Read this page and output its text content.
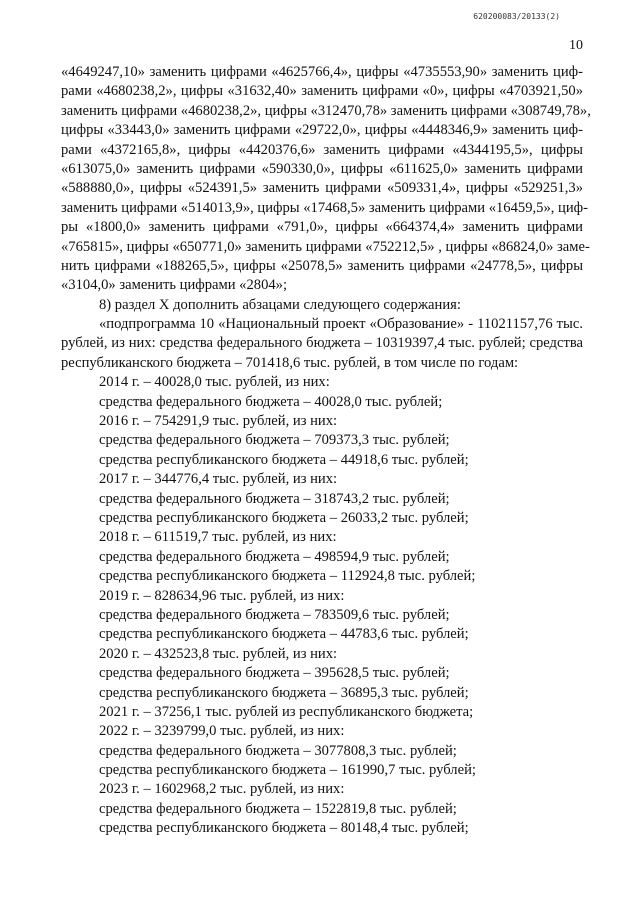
620200083/20133(2)
10
«4649247,10» заменить цифрами «4625766,4», цифры «4735553,90» заменить циф-
рами «4680238,2», цифры «31632,40» заменить цифрами «0», цифры «4703921,50»
заменить цифрами «4680238,2», цифры «312470,78» заменить цифрами «308749,78»,
цифры «33443,0» заменить цифрами «29722,0», цифры «4448346,9» заменить циф-
рами «4372165,8», цифры «4420376,6» заменить цифрами «4344195,5», цифры
«613075,0» заменить цифрами «590330,0», цифры «611625,0» заменить цифрами
«588880,0», цифры «524391,5» заменить цифрами «509331,4», цифры «529251,3»
заменить цифрами «514013,9», цифры «17468,5» заменить цифрами «16459,5», циф-
ры «1800,0» заменить цифрами «791,0», цифры «664374,4» заменить цифрами
«765815», цифры «650771,0» заменить цифрами «752212,5» , цифры «86824,0» заме-
нить цифрами «188265,5», цифры «25078,5» заменить цифрами «24778,5», цифры
«3104,0» заменить цифрами «2804»;
8) раздел X дополнить абзацами следующего содержания:
«подпрограмма 10 «Национальный проект «Образование» - 11021157,76 тыс.
рублей, из них: средства федерального бюджета – 10319397,4 тыс. рублей; средства
республиканского бюджета – 701418,6 тыс. рублей, в том числе по годам:
2014 г. – 40028,0 тыс. рублей, из них:
средства федерального бюджета – 40028,0 тыс. рублей;
2016 г. – 754291,9 тыс. рублей, из них:
средства федерального бюджета – 709373,3 тыс. рублей;
средства республиканского бюджета – 44918,6 тыс. рублей;
2017 г. – 344776,4 тыс. рублей, из них:
средства федерального бюджета – 318743,2 тыс. рублей;
средства республиканского бюджета – 26033,2 тыс. рублей;
2018 г. – 611519,7 тыс. рублей, из них:
средства федерального бюджета – 498594,9 тыс. рублей;
средства республиканского бюджета – 112924,8 тыс. рублей;
2019 г. – 828634,96 тыс. рублей, из них:
средства федерального бюджета – 783509,6 тыс. рублей;
средства республиканского бюджета – 44783,6 тыс. рублей;
2020 г. – 432523,8 тыс. рублей, из них:
средства федерального бюджета – 395628,5 тыс. рублей;
средства республиканского бюджета – 36895,3 тыс. рублей;
2021 г. – 37256,1 тыс. рублей из республиканского бюджета;
2022 г. – 3239799,0 тыс. рублей, из них:
средства федерального бюджета – 3077808,3 тыс. рублей;
средства республиканского бюджета – 161990,7 тыс. рублей;
2023 г. – 1602968,2 тыс. рублей, из них:
средства федерального бюджета – 1522819,8 тыс. рублей;
средства республиканского бюджета – 80148,4 тыс. рублей;
